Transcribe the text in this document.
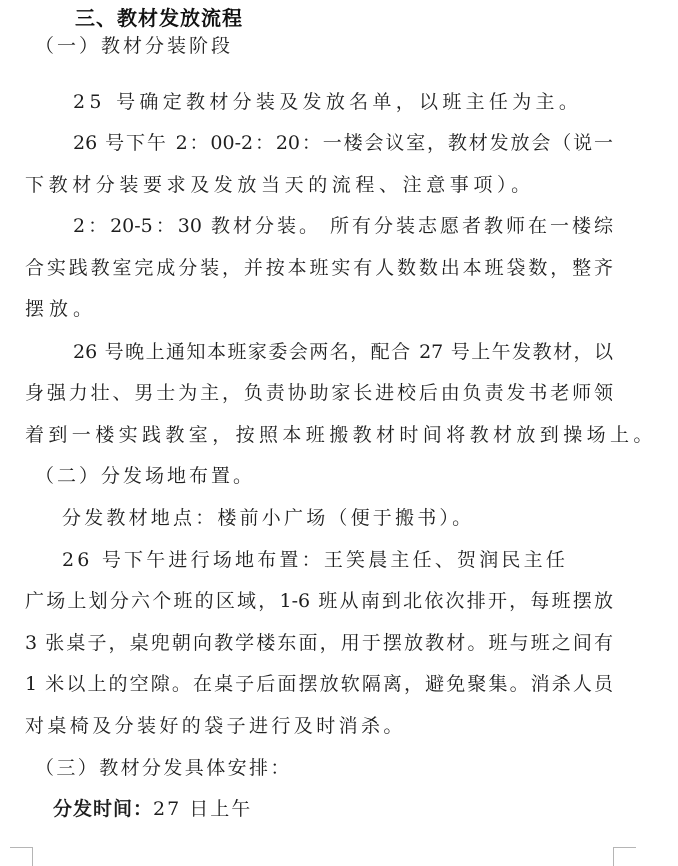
三、教材发放流程
（一）教材分装阶段
25 号确定教材分装及发放名单，以班主任为主。
26 号下午 2：00-2：20：一楼会议室，教材发放会（说一
下教材分装要求及发放当天的流程、注意事项）。
2：20-5：30 教材分装。 所有分装志愿者教师在一楼综
合实践教室完成分装，并按本班实有人数数出本班袋数，整齐
摆放。
26 号晚上通知本班家委会两名，配合 27 号上午发教材，以
身强力壮、男士为主，负责协助家长进校后由负责发书老师领
着到一楼实践教室，按照本班搬教材时间将教材放到操场上。
（二）分发场地布置。
分发教材地点：楼前小广场（便于搬书）。
26 号下午进行场地布置：王笑晨主任、贺润民主任
广场上划分六个班的区域，1-6 班从南到北依次排开，每班摆放
3 张桌子，桌兜朝向教学楼东面，用于摆放教材。班与班之间有
1 米以上的空隙。在桌子后面摆放软隔离，避免聚集。消杀人员
对桌椅及分装好的袋子进行及时消杀。
（三）教材分发具体安排：
分发时间：27 日上午
